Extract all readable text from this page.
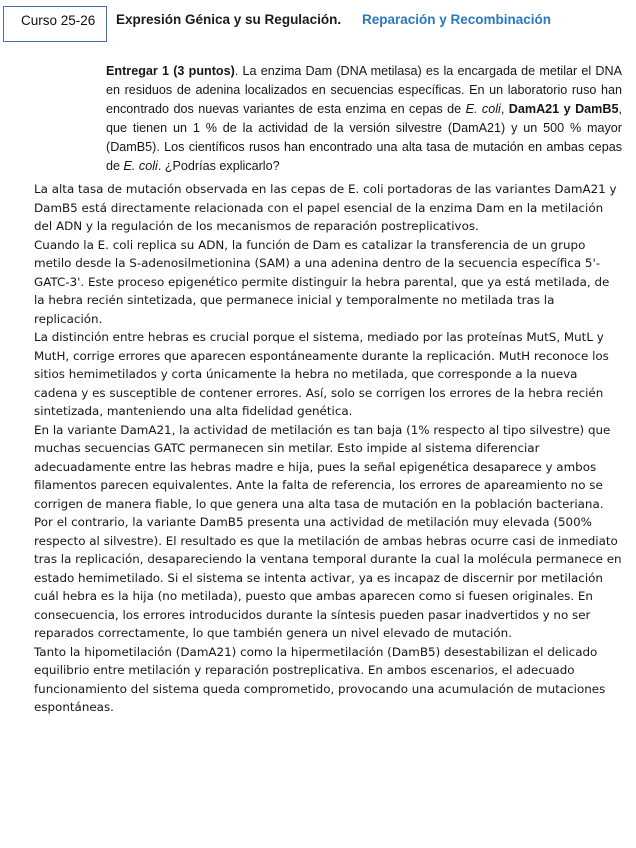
Curso 25-26	Expresión Génica y su Regulación. Reparación y Recombinación
Entregar 1 (3 puntos). La enzima Dam (DNA metilasa) es la encargada de metilar el DNA en residuos de adenina localizados en secuencias específicas. En un laboratorio ruso han encontrado dos nuevas variantes de esta enzima en cepas de E. coli, DamA21 y DamB5, que tienen un 1 % de la actividad de la versión silvestre (DamA21) y un 500 % mayor (DamB5). Los científicos rusos han encontrado una alta tasa de mutación en ambas cepas de E. coli. ¿Podrías explicarlo?

La alta tasa de mutación observada en las cepas de E. coli portadoras de las variantes DamA21 y DamB5 está directamente relacionada con el papel esencial de la enzima Dam en la metilación del ADN y la regulación de los mecanismos de reparación postreplicativos.

Cuando la E. coli replica su ADN, la función de Dam es catalizar la transferencia de un grupo metilo desde la S-adenosilmetionina (SAM) a una adenina dentro de la secuencia específica 5'-GATC-3'. Este proceso epigenético permite distinguir la hebra parental, que ya está metilada, de la hebra recién sintetizada, que permanece inicial y temporalmente no metilada tras la replicación.

La distinción entre hebras es crucial porque el sistema, mediado por las proteínas MutS, MutL y MutH, corrige errores que aparecen espontáneamente durante la replicación. MutH reconoce los sitios hemimetilados y corta únicamente la hebra no metilada, que corresponde a la nueva cadena y es susceptible de contener errores. Así, solo se corrigen los errores de la hebra recién sintetizada, manteniendo una alta fidelidad genética.

En la variante DamA21, la actividad de metilación es tan baja (1% respecto al tipo silvestre) que muchas secuencias GATC permanecen sin metilar. Esto impide al sistema diferenciar adecuadamente entre las hebras madre e hija, pues la señal epigenética desaparece y ambos filamentos parecen equivalentes. Ante la falta de referencia, los errores de apareamiento no se corrigen de manera fiable, lo que genera una alta tasa de mutación en la población bacteriana.

Por el contrario, la variante DamB5 presenta una actividad de metilación muy elevada (500% respecto al silvestre). El resultado es que la metilación de ambas hebras ocurre casi de inmediato tras la replicación, desapareciendo la ventana temporal durante la cual la molécula permanece en estado hemimetilado. Si el sistema se intenta activar, ya es incapaz de discernir por metilación cuál hebra es la hija (no metilada), puesto que ambas aparecen como si fuesen originales. En consecuencia, los errores introducidos durante la síntesis pueden pasar inadvertidos y no ser reparados correctamente, lo que también genera un nivel elevado de mutación.

Tanto la hipometilación (DamA21) como la hipermetilación (DamB5) desestabilizan el delicado equilibrio entre metilación y reparación postreplicativa. En ambos escenarios, el adecuado funcionamiento del sistema queda comprometido, provocando una acumulación de mutaciones espontáneas.
